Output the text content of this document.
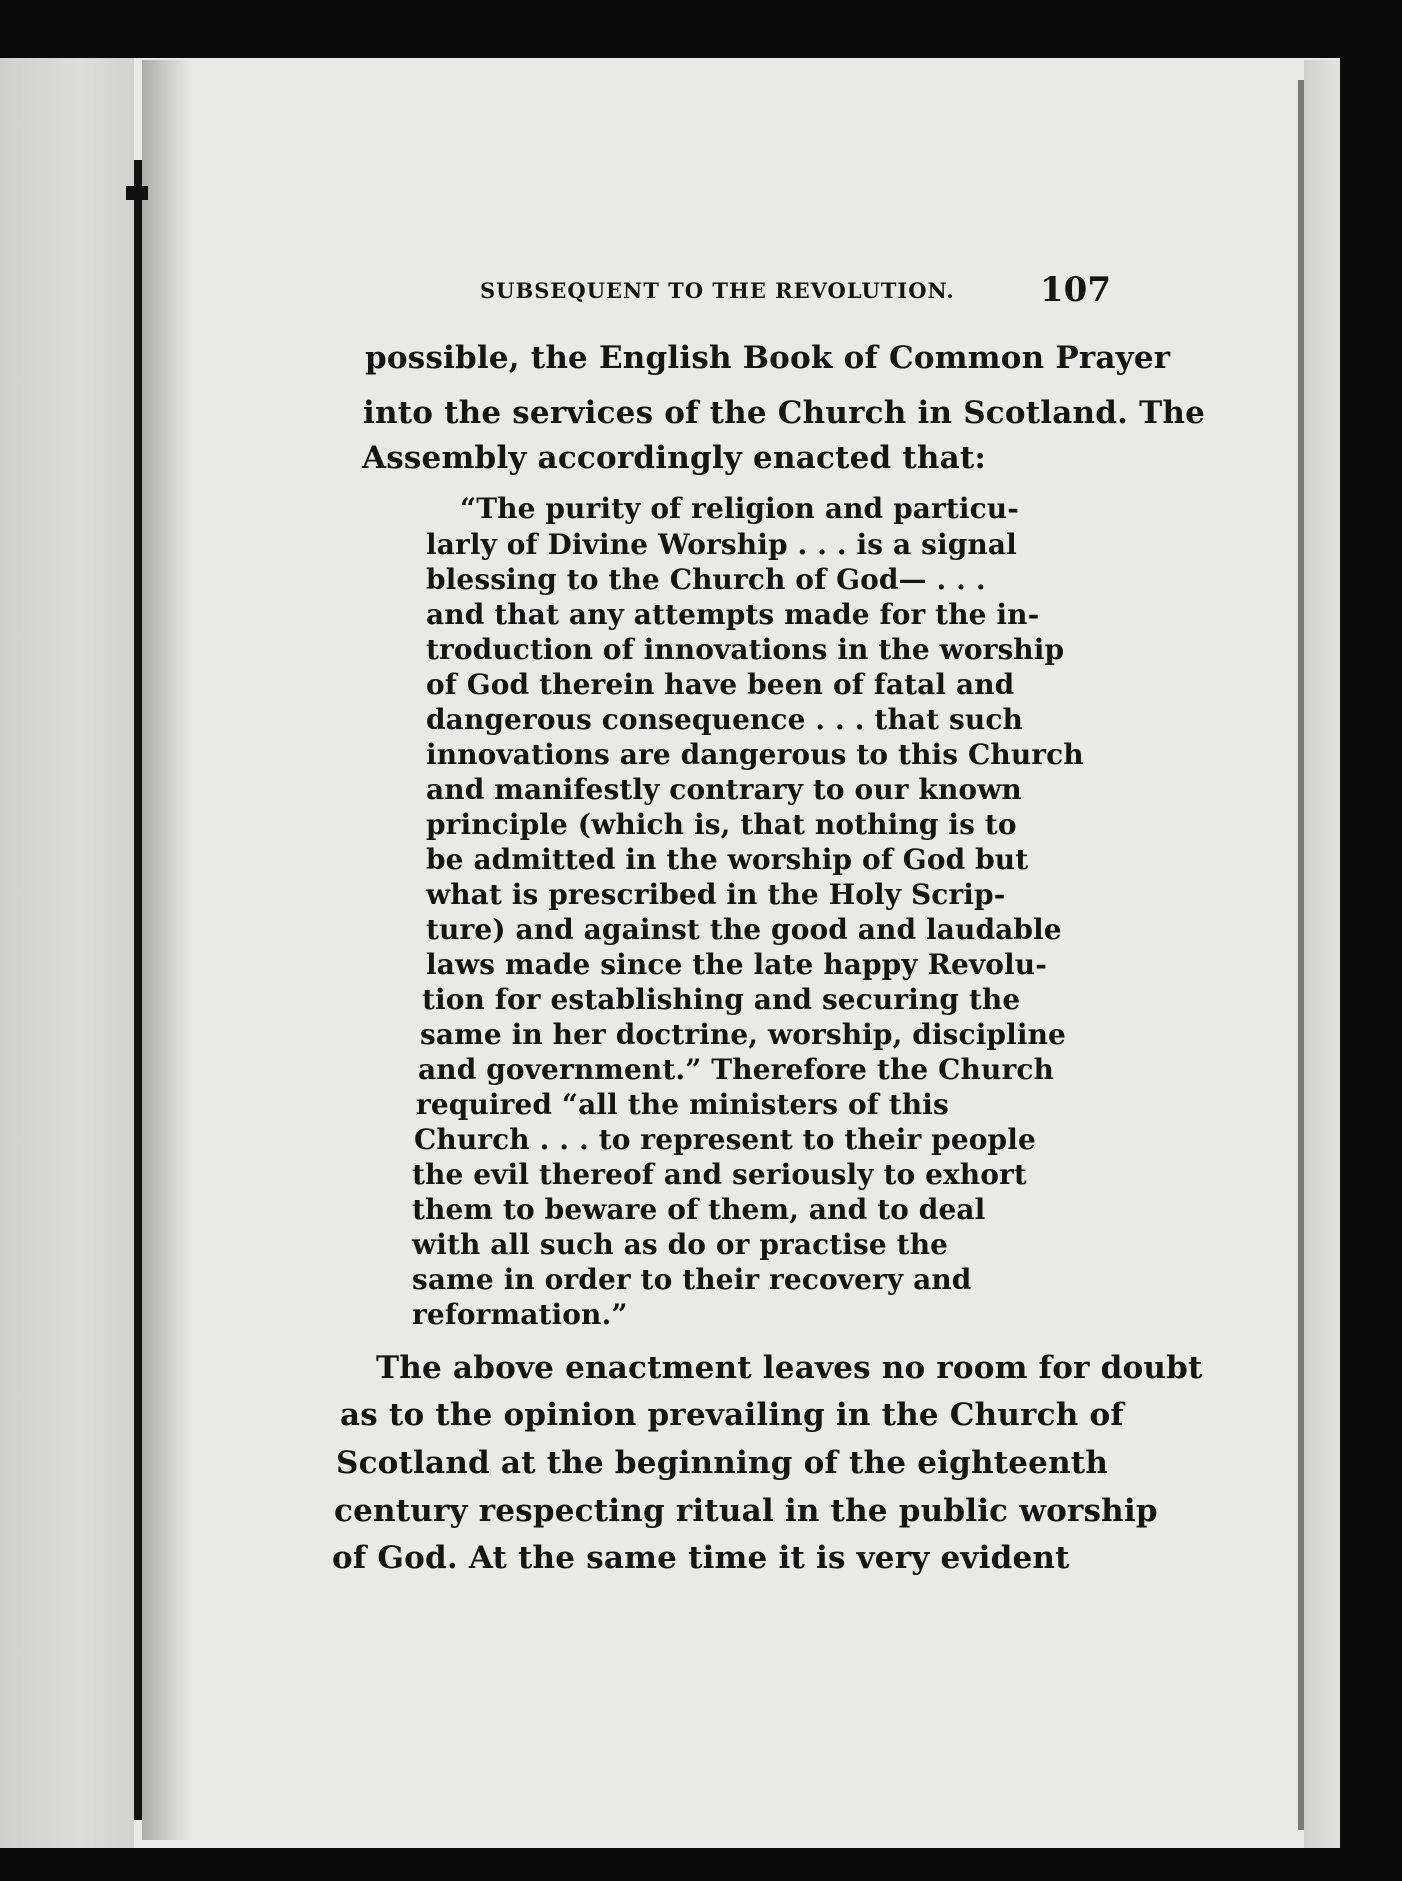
SUBSEQUENT TO THE REVOLUTION.	107
possible, the English Book of Common Prayer
into the services of the Church in Scotland. The
Assembly accordingly enacted that:
“The purity of religion and particu-
larly of Divine Worship . . . is a signal
blessing to the Church of God— . . .
and that any attempts made for the in-
troduction of innovations in the worship
of God therein have been of fatal and
dangerous consequence . . . that such
innovations are dangerous to this Church
and manifestly contrary to our known
principle (which is, that nothing is to
be admitted in the worship of God but
what is prescribed in the Holy Scrip-
ture) and against the good and laudable
laws made since the late happy Revolu-
tion for establishing and securing the
same in her doctrine, worship, discipline
and government.” Therefore the Church
required “all the ministers of this
Church . . . to represent to their people
the evil thereof and seriously to exhort
them to beware of them, and to deal
with all such as do or practise the
same in order to their recovery and
reformation.”
The above enactment leaves no room for doubt
as to the opinion prevailing in the Church of
Scotland at the beginning of the eighteenth
century respecting ritual in the public worship
of God. At the same time it is very evident
